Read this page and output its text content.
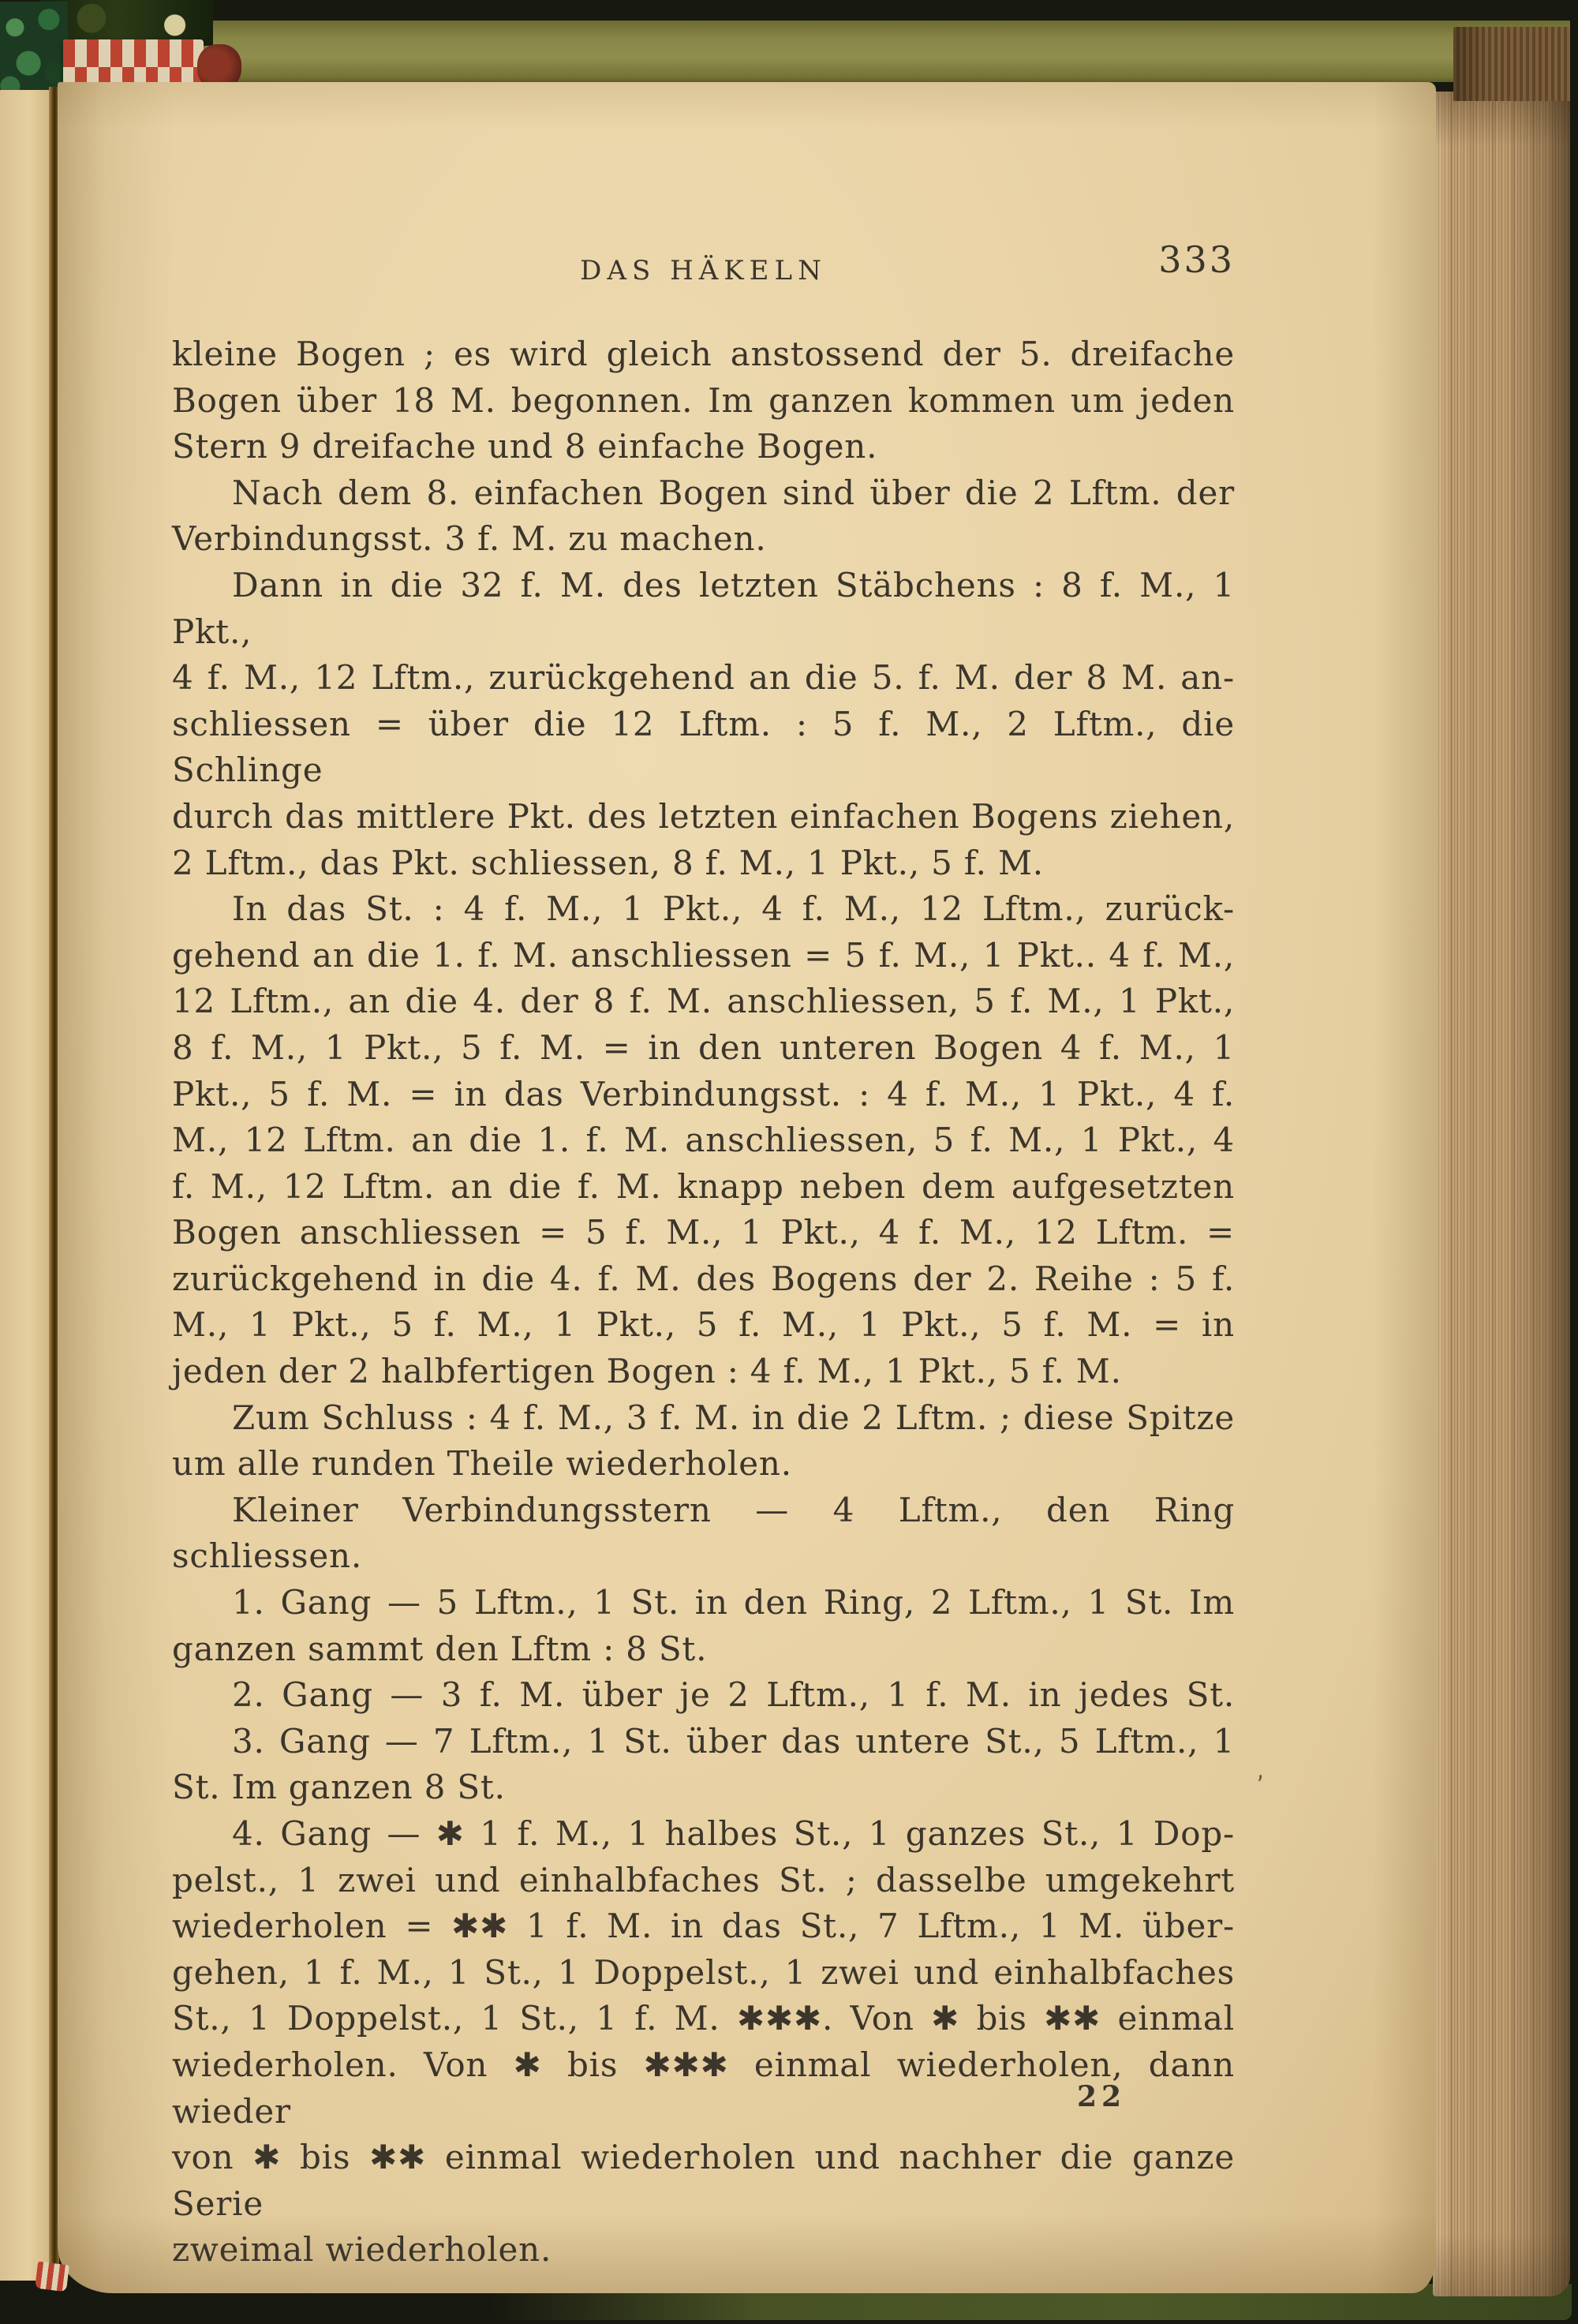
DAS HÄKELN	333
kleine Bogen ; es wird gleich anstossend der 5. dreifache
Bogen über 18 M. begonnen. Im ganzen kommen um jeden
Stern 9 dreifache und 8 einfache Bogen.
Nach dem 8. einfachen Bogen sind über die 2 Lftm. der
Verbindungsst. 3 f. M. zu machen.
Dann in die 32 f. M. des letzten Stäbchens : 8 f. M., 1 Pkt.,
4 f. M., 12 Lftm., zurückgehend an die 5. f. M. der 8 M. an-
schliessen = über die 12 Lftm. : 5 f. M., 2 Lftm., die Schlinge
durch das mittlere Pkt. des letzten einfachen Bogens ziehen,
2 Lftm., das Pkt. schliessen, 8 f. M., 1 Pkt., 5 f. M.
In das St. : 4 f. M., 1 Pkt., 4 f. M., 12 Lftm., zurück-
gehend an die 1. f. M. anschliessen = 5 f. M., 1 Pkt.. 4 f. M.,
12 Lftm., an die 4. der 8 f. M. anschliessen, 5 f. M., 1 Pkt.,
8 f. M., 1 Pkt., 5 f. M. = in den unteren Bogen 4 f. M., 1
Pkt., 5 f. M. = in das Verbindungsst. : 4 f. M., 1 Pkt., 4 f.
M., 12 Lftm. an die 1. f. M. anschliessen, 5 f. M., 1 Pkt., 4
f. M., 12 Lftm. an die f. M. knapp neben dem aufgesetzten
Bogen anschliessen = 5 f. M., 1 Pkt., 4 f. M., 12 Lftm. =
zurückgehend in die 4. f. M. des Bogens der 2. Reihe : 5 f.
M., 1 Pkt., 5 f. M., 1 Pkt., 5 f. M., 1 Pkt., 5 f. M. = in
jeden der 2 halbfertigen Bogen : 4 f. M., 1 Pkt., 5 f. M.
Zum Schluss : 4 f. M., 3 f. M. in die 2 Lftm. ; diese Spitze
um alle runden Theile wiederholen.
Kleiner Verbindungsstern — 4 Lftm., den Ring schliessen.
1. Gang — 5 Lftm., 1 St. in den Ring, 2 Lftm., 1 St. Im
ganzen sammt den Lftm : 8 St.
2. Gang — 3 f. M. über je 2 Lftm., 1 f. M. in jedes St.
3. Gang — 7 Lftm., 1 St. über das untere St., 5 Lftm., 1
St. Im ganzen 8 St.
4. Gang — ✱ 1 f. M., 1 halbes St., 1 ganzes St., 1 Dop-
pelst., 1 zwei und einhalbfaches St. ; dasselbe umgekehrt
wiederholen = ✱✱ 1 f. M. in das St., 7 Lftm., 1 M. über-
gehen, 1 f. M., 1 St., 1 Doppelst., 1 zwei und einhalbfaches
St., 1 Doppelst., 1 St., 1 f. M. ✱✱✱. Von ✱ bis ✱✱ einmal
wiederholen. Von ✱ bis ✱✱✱ einmal wiederholen, dann wieder
von ✱ bis ✱✱ einmal wiederholen und nachher die ganze Serie
zweimal wiederholen.
22
,
